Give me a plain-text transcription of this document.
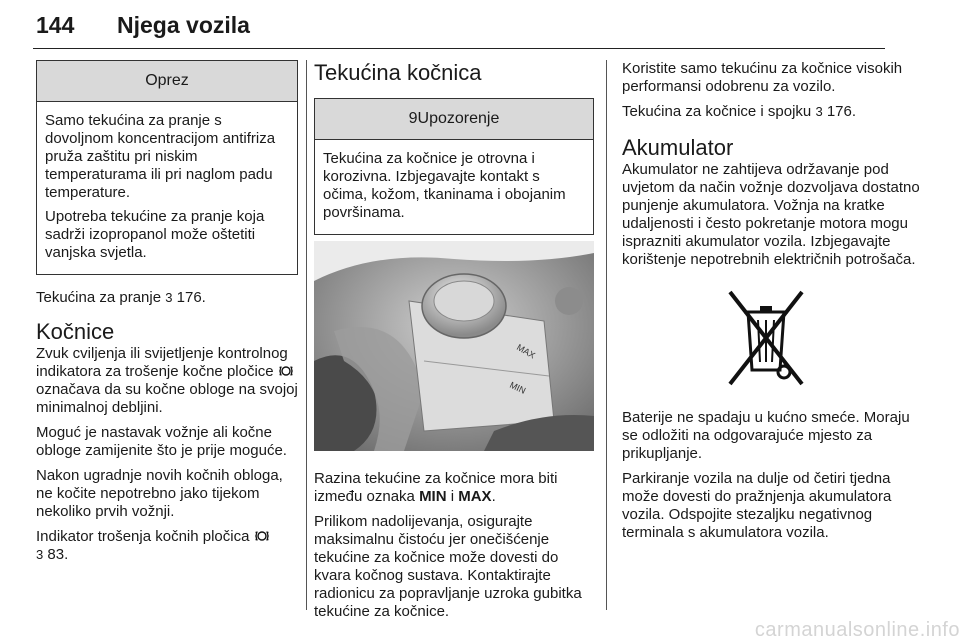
144 Njega vozila
Oprez

Samo tekućina za pranje s dovoljnom koncentracijom antifriza pruža zaštitu pri niskim temperaturama ili pri naglom padu temperature.

Upotreba tekućine za pranje koja sadrži izopropanol može oštetiti vanjska svjetla.

Tekućina za pranje 3 176.

Kočnice

Zvuk cviljenja ili svijetljenje kontrolnog indikatora za trošenje kočne pločice  označava da su kočne obloge na svojoj minimalnoj debljini.

Moguć je nastavak vožnje ali kočne obloge zamijenite što je prije moguće.

Nakon ugradnje novih kočnih obloga, ne kočite nepotrebno jako tijekom nekoliko prvih vožnji.

Indikator trošenja kočnih pločica
3 83.

Tekućina kočnica
9Upozorenje

Tekućina za kočnice je otrovna i korozivna. Izbjegavajte kontakt s očima, kožom, tkaninama i obojanim površinama.

MAX
MIN

Razina tekućine za kočnice mora biti između oznaka MIN i MAX.

Prilikom nadolijevanja, osigurajte maksimalnu čistoću jer onečišćenje tekućine za kočnice može dovesti do kvara kočnog sustava. Kontaktirajte radionicu za popravljanje uzroka gubitka tekućine za kočnice.

Koristite samo tekućinu za kočnice visokih performansi odobrenu za vozilo.

Tekućina za kočnice i spojku 3 176.

Akumulator

Akumulator ne zahtijeva održavanje pod uvjetom da način vožnje dozvoljava dostatno punjenje akumulatora. Vožnja na kratke udaljenosti i često pokretanje motora mogu isprazniti akumulator vozila. Izbjegavajte korištenje nepotrebnih električnih potrošača.

Baterije ne spadaju u kućno smeće. Moraju se odložiti na odgovarajuće mjesto za prikupljanje.

Parkiranje vozila na dulje od četiri tjedna može dovesti do pražnjenja akumulatora vozila. Odspojite stezaljku negativnog terminala s akumulatora vozila.

carmanualsonline.info
